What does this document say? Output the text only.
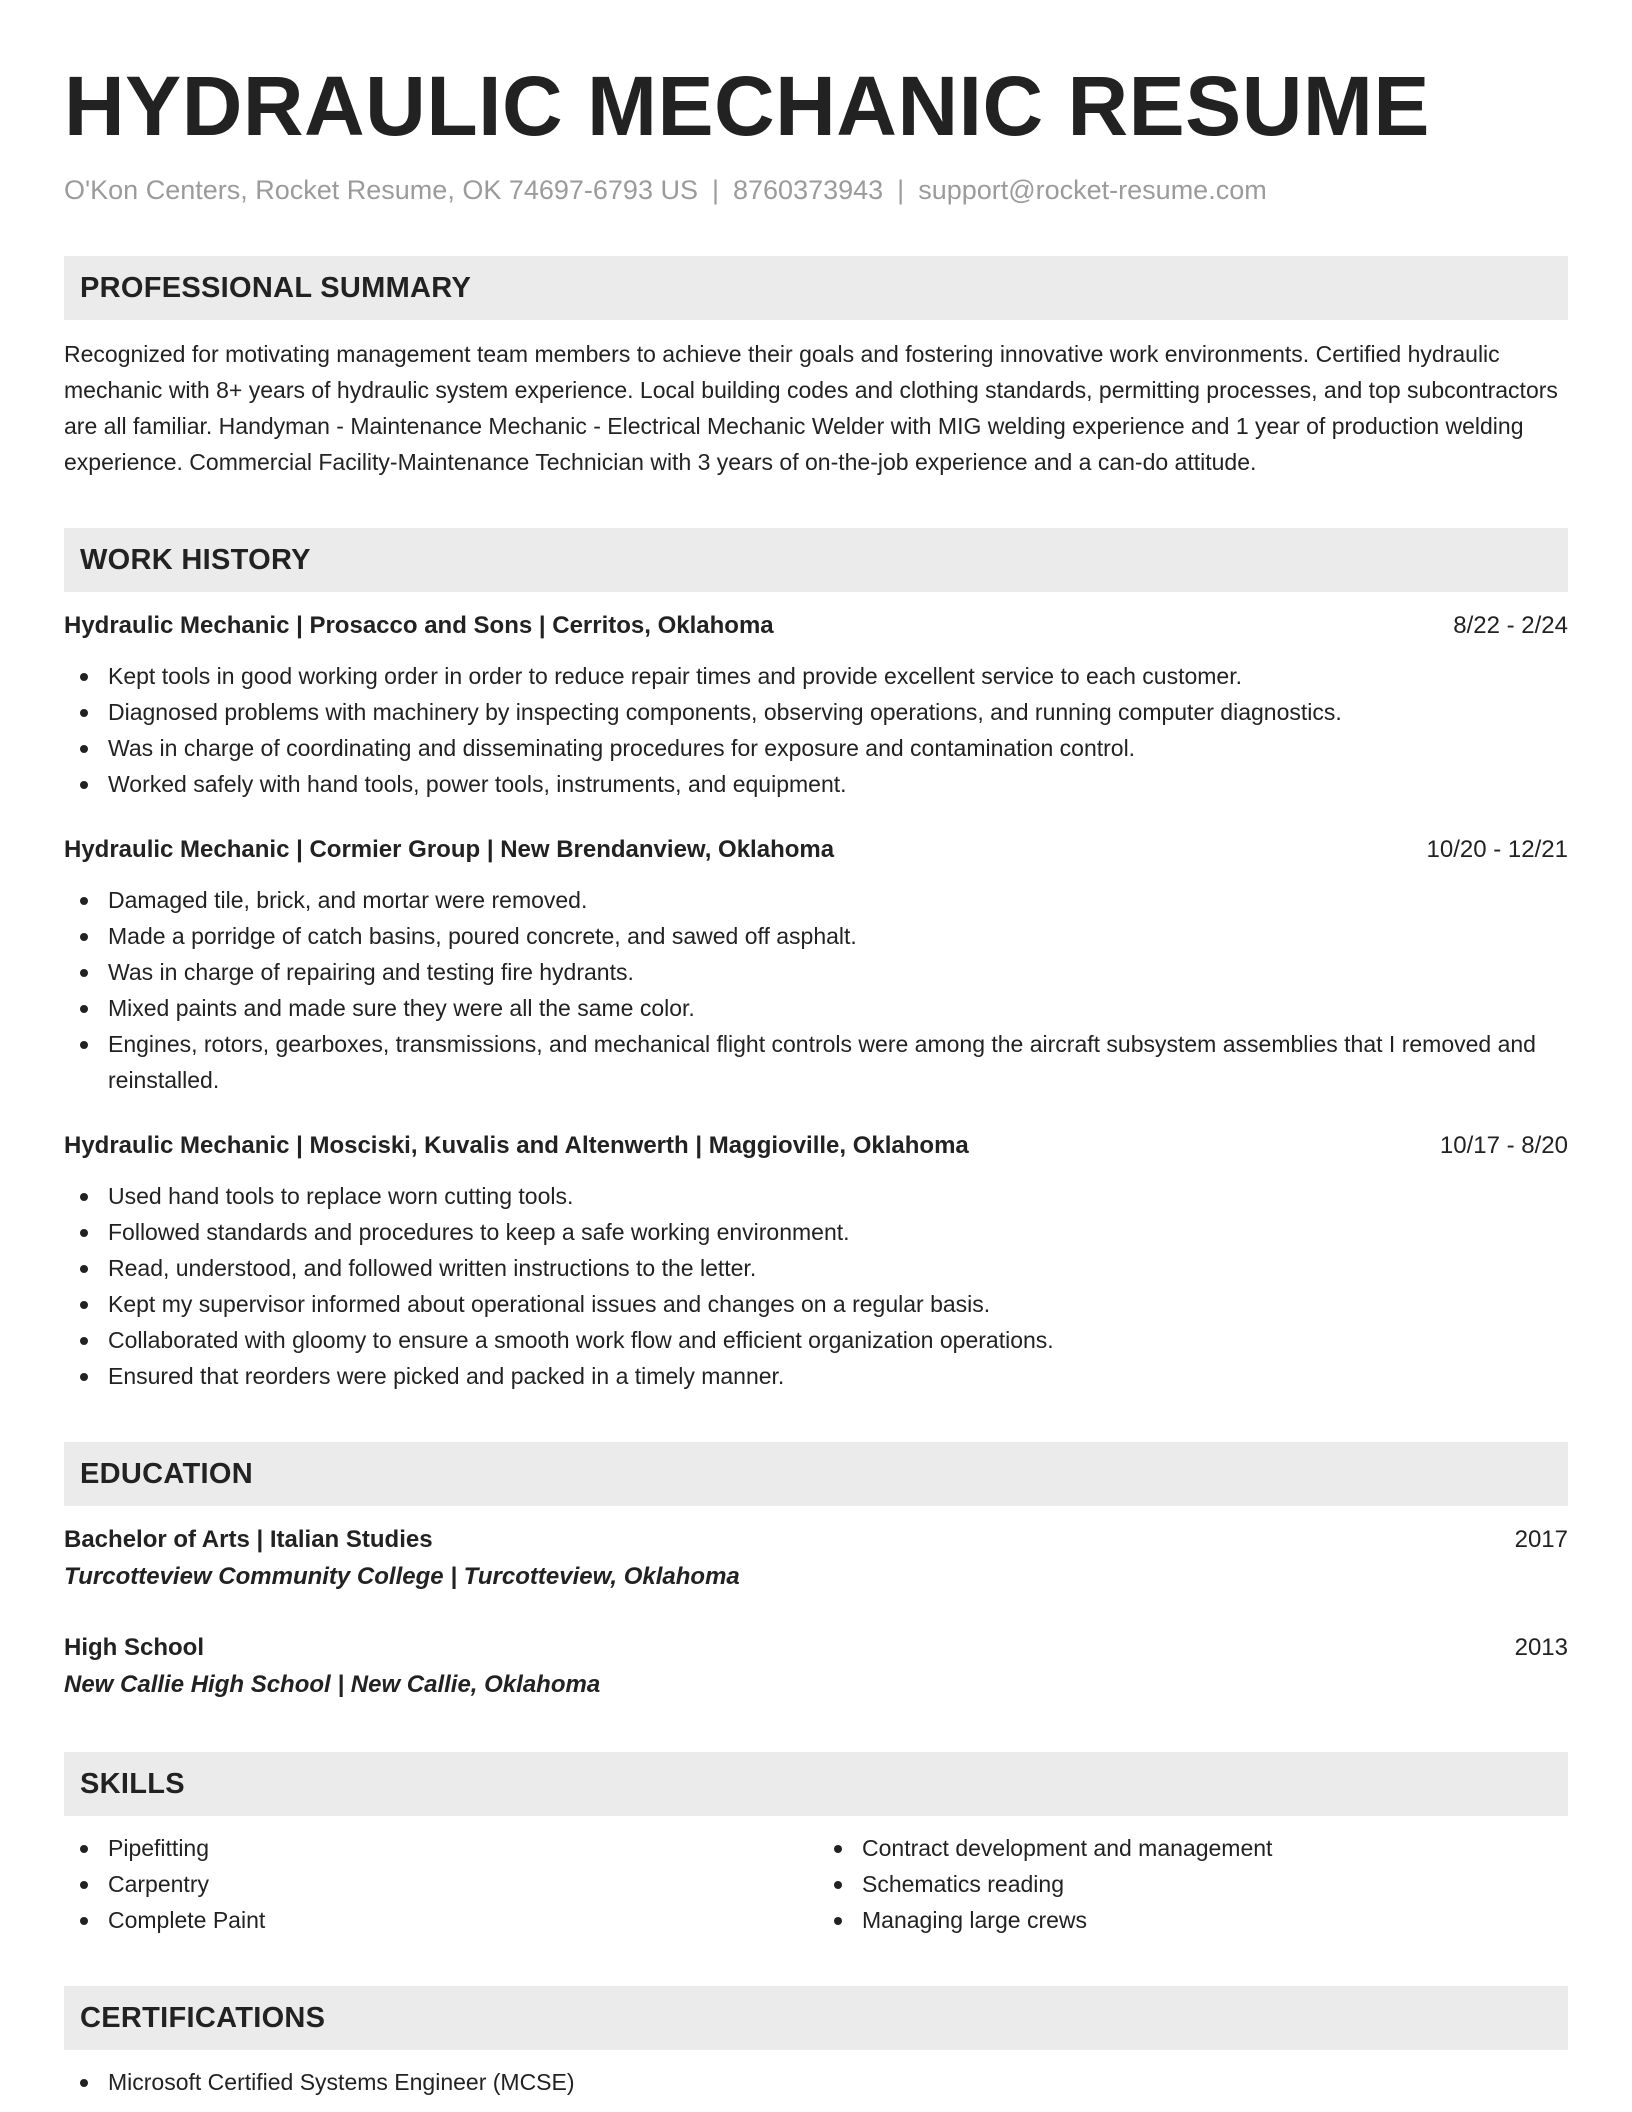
HYDRAULIC MECHANIC RESUME
O'Kon Centers, Rocket Resume, OK 74697-6793 US | 8760373943 | support@rocket-resume.com
PROFESSIONAL SUMMARY

Recognized for motivating management team members to achieve their goals and fostering innovative work environments. Certified hydraulic mechanic with 8+ years of hydraulic system experience. Local building codes and clothing standards, permitting processes, and top subcontractors are all familiar. Handyman - Maintenance Mechanic - Electrical Mechanic Welder with MIG welding experience and 1 year of production welding experience. Commercial Facility-Maintenance Technician with 3 years of on-the-job experience and a can-do attitude.

WORK HISTORY
Hydraulic Mechanic | Prosacco and Sons | Cerritos, Oklahoma	8/22 - 2/24
Kept tools in good working order in order to reduce repair times and provide excellent service to each customer.
Diagnosed problems with machinery by inspecting components, observing operations, and running computer diagnostics.
Was in charge of coordinating and disseminating procedures for exposure and contamination control.
Worked safely with hand tools, power tools, instruments, and equipment.
Hydraulic Mechanic | Cormier Group | New Brendanview, Oklahoma	10/20 - 12/21
Damaged tile, brick, and mortar were removed.
Made a porridge of catch basins, poured concrete, and sawed off asphalt.
Was in charge of repairing and testing fire hydrants.
Mixed paints and made sure they were all the same color.
Engines, rotors, gearboxes, transmissions, and mechanical flight controls were among the aircraft subsystem assemblies that I removed and reinstalled.
Hydraulic Mechanic | Mosciski, Kuvalis and Altenwerth | Maggioville, Oklahoma	10/17 - 8/20
Used hand tools to replace worn cutting tools.
Followed standards and procedures to keep a safe working environment.
Read, understood, and followed written instructions to the letter.
Kept my supervisor informed about operational issues and changes on a regular basis.
Collaborated with gloomy to ensure a smooth work flow and efficient organization operations.
Ensured that reorders were picked and packed in a timely manner.
EDUCATION
Bachelor of Arts | Italian Studies	2017
Turcotteview Community College | Turcotteview, Oklahoma
High School	2013
New Callie High School | New Callie, Oklahoma
SKILLS
Pipefitting
Carpentry
Complete Paint
Contract development and management
Schematics reading
Managing large crews
CERTIFICATIONS
Microsoft Certified Systems Engineer (MCSE)
